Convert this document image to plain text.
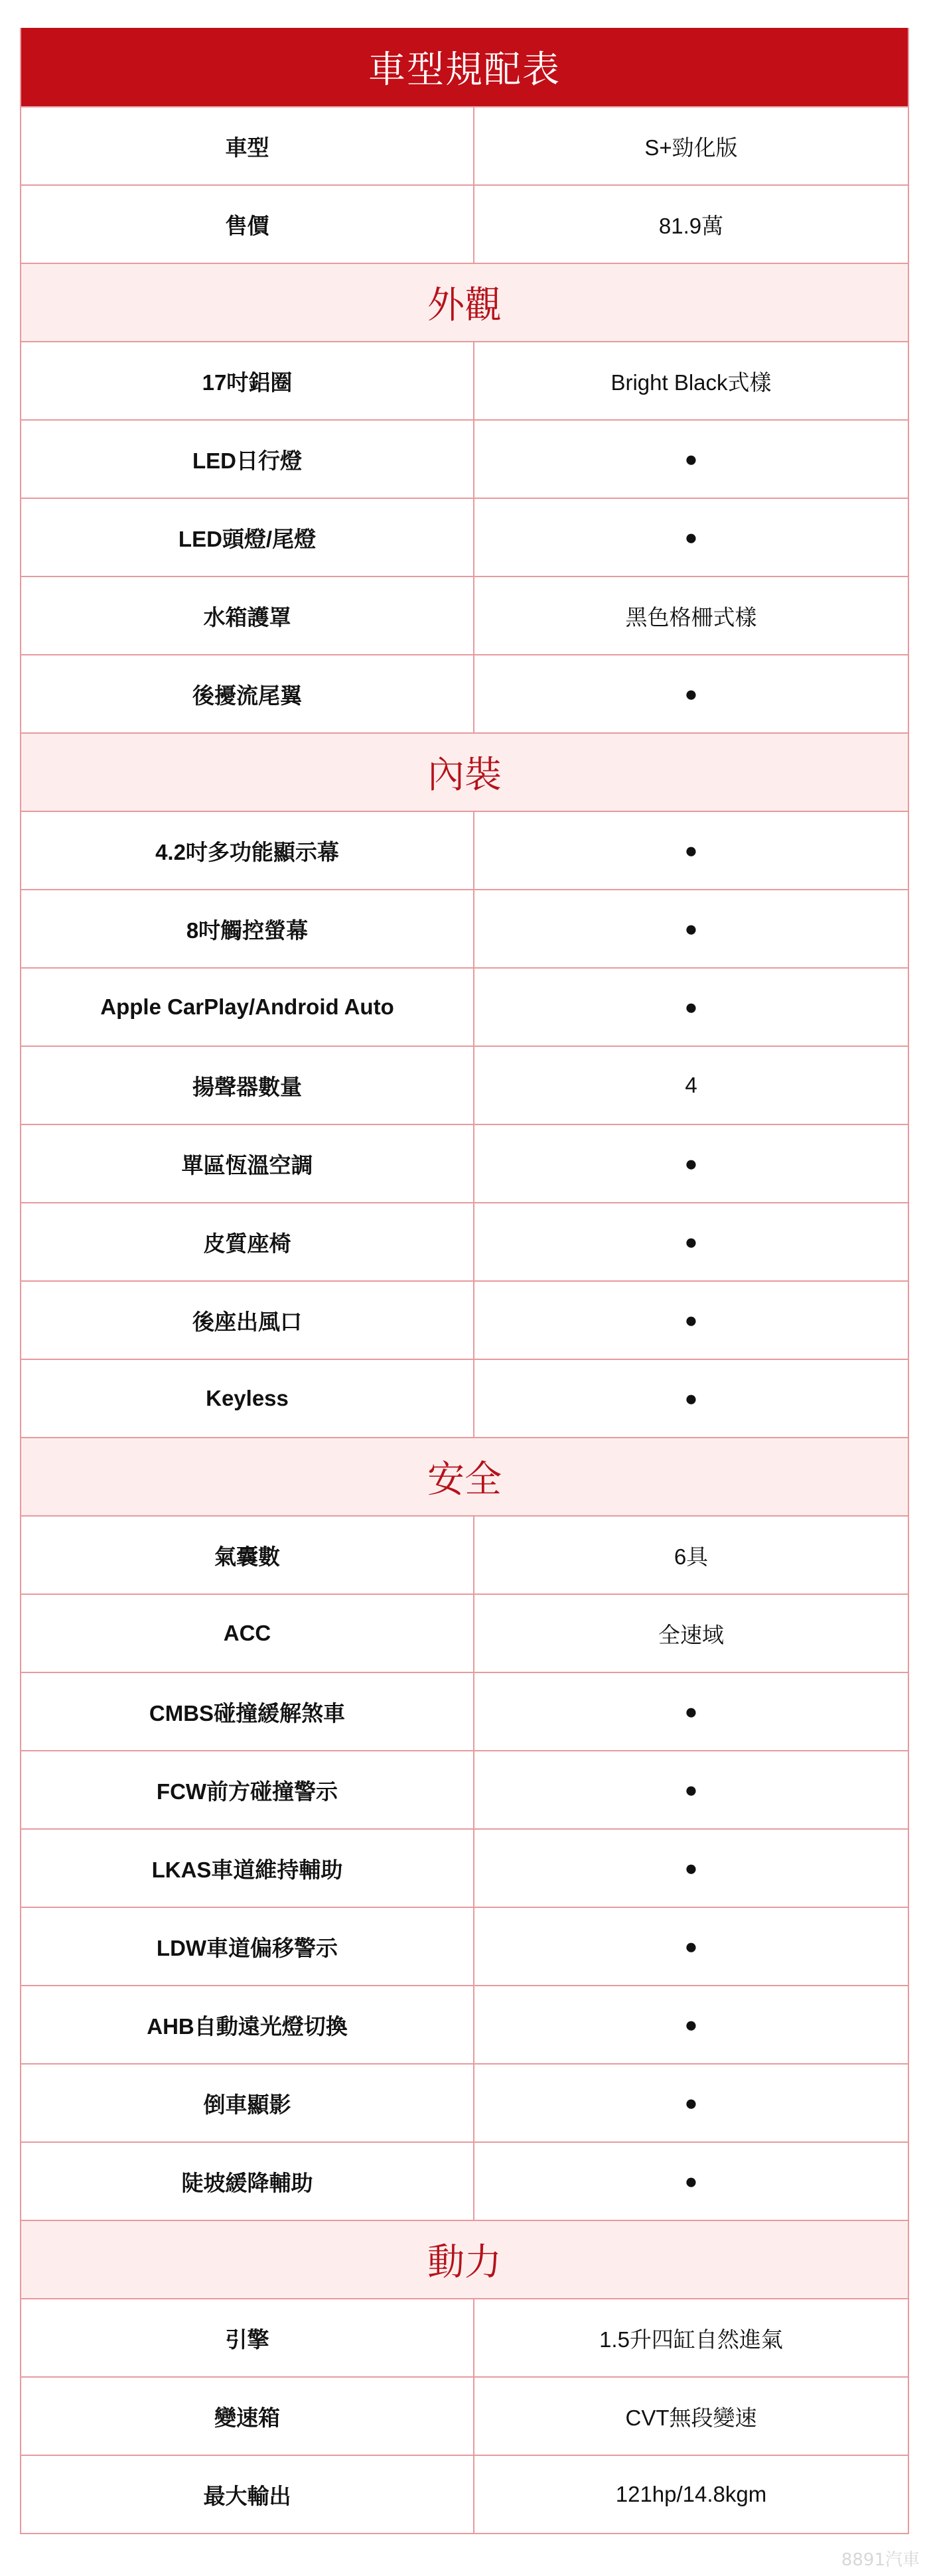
車型規配表
車型	S+勁化版
售價	81.9萬
外觀
17吋鋁圈	Bright Black式樣
LED日行燈	●
LED頭燈/尾燈	●
水箱護罩	黑色格柵式樣
後擾流尾翼	●
內裝
4.2吋多功能顯示幕	●
8吋觸控螢幕	●
Apple CarPlay/Android Auto	●
揚聲器數量	4
單區恆溫空調	●
皮質座椅	●
後座出風口	●
Keyless	●
安全
氣囊數	6具
ACC	全速域
CMBS碰撞緩解煞車	●
FCW前方碰撞警示	●
LKAS車道維持輔助	●
LDW車道偏移警示	●
AHB自動遠光燈切換	●
倒車顯影	●
陡坡緩降輔助	●
動力
引擎	1.5升四缸自然進氣
變速箱	CVT無段變速
最大輸出	121hp/14.8kgm
8891汽車
